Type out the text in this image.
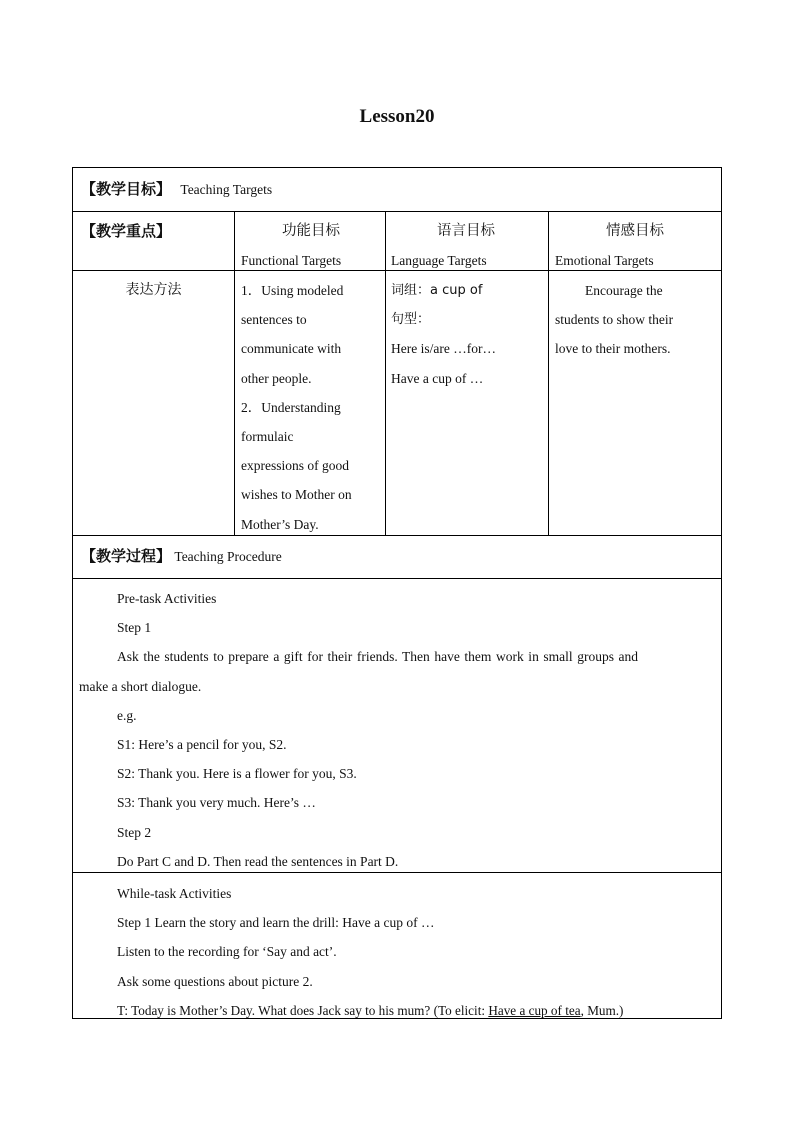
Lesson20
【教学目标】 Teaching Targets
【教学重点】	功能目标
Functional Targets
语言目标
Language Targets
情感目标
Emotional Targets
表达方法	1．Using modeled
sentences to
communicate with
other people.
2．Understanding
formulaic
expressions of good
wishes to Mother on
Mother’s Day.
词组：a cup of
句型：
Here is/are …for…
Have a cup of …
Encourage the
students to show their
love to their mothers.
【教学过程】 Teaching Procedure
Pre-task Activities
Step 1
Ask the students to prepare a gift for their friends. Then have them work in small groups and
make a short dialogue.
e.g.
S1: Here’s a pencil for you, S2.
S2: Thank you. Here is a flower for you, S3.
S3: Thank you very much. Here’s …
Step 2
Do Part C and D. Then read the sentences in Part D.
While-task Activities
Step 1 Learn the story and learn the drill: Have a cup of …
Listen to the recording for ‘Say and act’.
Ask some questions about picture 2.
T: Today is Mother’s Day. What does Jack say to his mum? (To elicit: Have a cup of tea, Mum.)
